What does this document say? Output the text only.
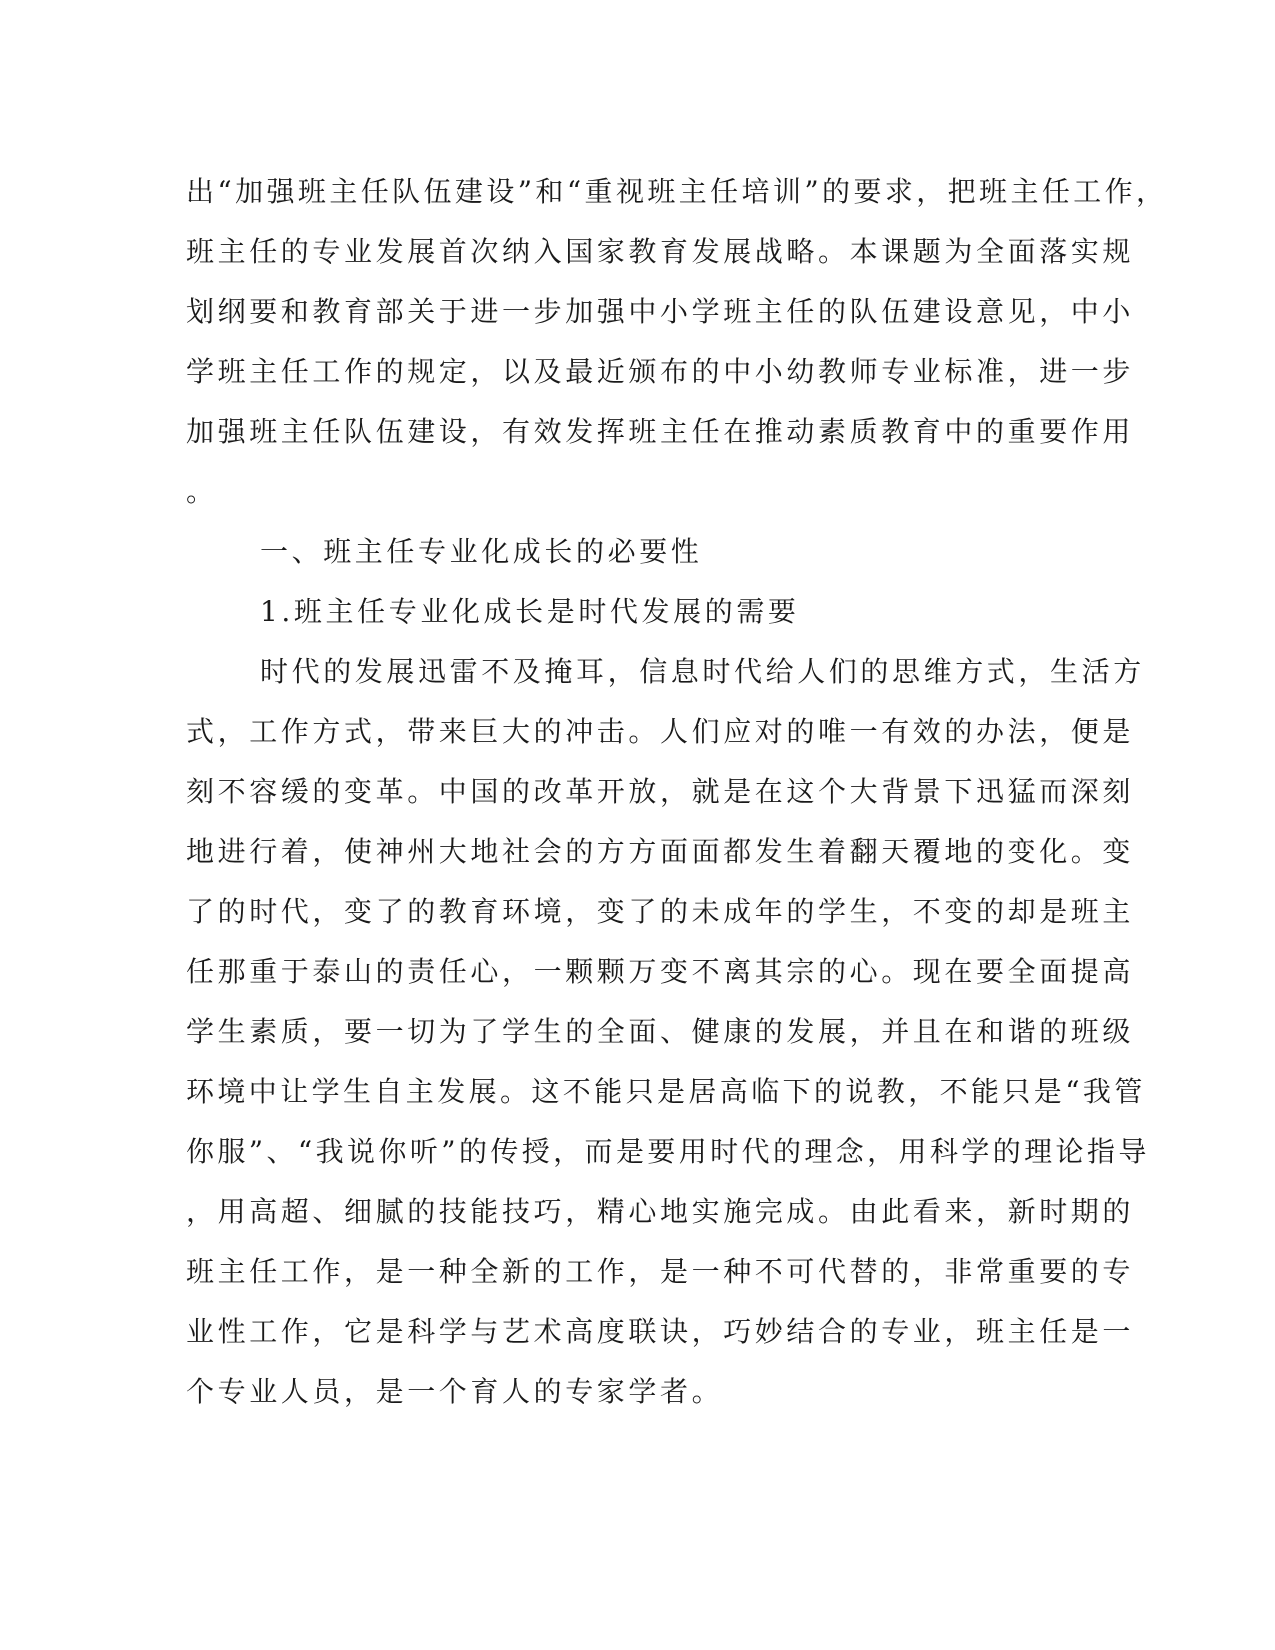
出“加强班主任队伍建设”和“重视班主任培训”的要求，把班主任工作，
班主任的专业发展首次纳入国家教育发展战略。本课题为全面落实规
划纲要和教育部关于进一步加强中小学班主任的队伍建设意见，中小
学班主任工作的规定，以及最近颁布的中小幼教师专业标准，进一步
加强班主任队伍建设，有效发挥班主任在推动素质教育中的重要作用
。
一、班主任专业化成长的必要性
1.班主任专业化成长是时代发展的需要
时代的发展迅雷不及掩耳，信息时代给人们的思维方式，生活方
式，工作方式，带来巨大的冲击。人们应对的唯一有效的办法，便是
刻不容缓的变革。中国的改革开放，就是在这个大背景下迅猛而深刻
地进行着，使神州大地社会的方方面面都发生着翻天覆地的变化。变
了的时代，变了的教育环境，变了的未成年的学生，不变的却是班主
任那重于泰山的责任心，一颗颗万变不离其宗的心。现在要全面提高
学生素质，要一切为了学生的全面、健康的发展，并且在和谐的班级
环境中让学生自主发展。这不能只是居高临下的说教，不能只是“我管
你服”、“我说你听”的传授，而是要用时代的理念，用科学的理论指导
，用高超、细腻的技能技巧，精心地实施完成。由此看来，新时期的
班主任工作，是一种全新的工作，是一种不可代替的，非常重要的专
业性工作，它是科学与艺术高度联诀，巧妙结合的专业，班主任是一
个专业人员，是一个育人的专家学者。
